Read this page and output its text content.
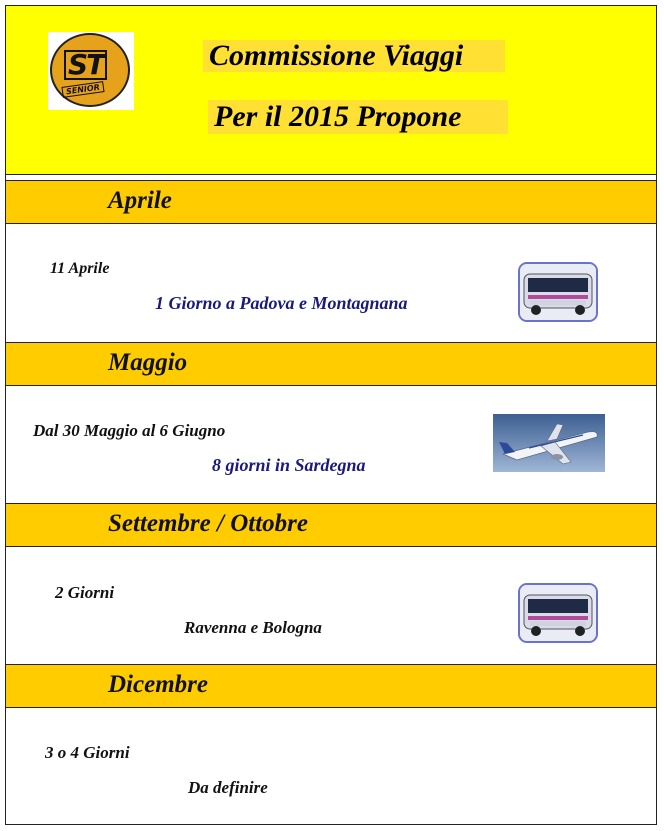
ST
SENIOR
Commissione Viaggi
Per il 2015 Propone
Aprile
11 Aprile
1 Giorno a Padova e Montagnana
Maggio
Dal 30 Maggio al 6 Giugno
8 giorni in Sardegna
Settembre / Ottobre
2 Giorni
Ravenna e Bologna
Dicembre
3 o 4 Giorni
Da definire
